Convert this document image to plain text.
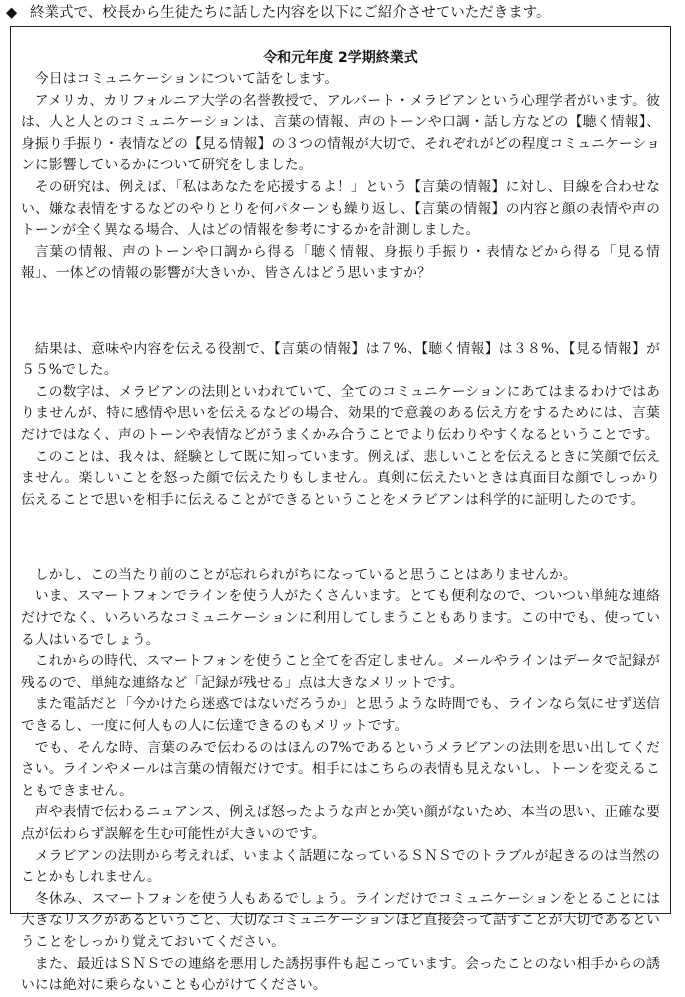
◆ 終業式で、校長から生徒たちに話した内容を以下にご紹介させていただきます。
令和元年度 2学期終業式

今日はコミュニケーションについて話をします。

アメリカ、カリフォルニア大学の名誉教授で、アルバート・メラビアンという心理学者がいます。彼は、人と人とのコミュニケーションは、言葉の情報、声のトーンや口調・話し方などの【聴く情報】、身振り手振り・表情などの【見る情報】の３つの情報が大切で、それぞれがどの程度コミュニケーションに影響しているかについて研究をしました。

その研究は、例えば、「私はあなたを応援するよ！」という【言葉の情報】に対し、目線を合わせない、嫌な表情をするなどのやりとりを何パターンも繰り返し、【言葉の情報】の内容と顔の表情や声のトーンが全く異なる場合、人はどの情報を参考にするかを計測しました。

言葉の情報、声のトーンや口調から得る「聴く情報、身振り手振り・表情などから得る「見る情報」、一体どの情報の影響が大きいか、皆さんはどう思いますか？

結果は、意味や内容を伝える役割で、【言葉の情報】は７%、【聴く情報】は３８%、【見る情報】が５５%でした。

この数字は、メラビアンの法則といわれていて、全てのコミュニケーションにあてはまるわけではありませんが、特に感情や思いを伝えるなどの場合、効果的で意義のある伝え方をするためには、言葉だけではなく、声のトーンや表情などがうまくかみ合うことでより伝わりやすくなるということです。

このことは、我々は、経験として既に知っています。例えば、悲しいことを伝えるときに笑顔で伝えません。楽しいことを怒った顔で伝えたりもしません。真剣に伝えたいときは真面目な顔でしっかり伝えることで思いを相手に伝えることができるということをメラビアンは科学的に証明したのです。

しかし、この当たり前のことが忘れられがちになっていると思うことはありませんか。

いま、スマートフォンでラインを使う人がたくさんいます。とても便利なので、ついつい単純な連絡だけでなく、いろいろなコミュニケーションに利用してしまうこともあります。この中でも、使っている人はいるでしょう。

これからの時代、スマートフォンを使うこと全てを否定しません。メールやラインはデータで記録が残るので、単純な連絡など「記録が残せる」点は大きなメリットです。

また電話だと「今かけたら迷惑ではないだろうか」と思うような時間でも、ラインなら気にせず送信できるし、一度に何人もの人に伝達できるのもメリットです。

でも、そんな時、言葉のみで伝わるのはほんの7%であるというメラビアンの法則を思い出してください。ラインやメールは言葉の情報だけです。相手にはこちらの表情も見えないし、トーンを変えることもできません。

声や表情で伝わるニュアンス、例えば怒ったような声とか笑い顔がないため、本当の思い、正確な要点が伝わらず誤解を生む可能性が大きいのです。

メラビアンの法則から考えれば、いまよく話題になっているＳＮＳでのトラブルが起きるのは当然のことかもしれません。

冬休み、スマートフォンを使う人もあるでしょう。ラインだけでコミュニケーションをとることには大きなリスクがあるということ、大切なコミュニケーションほど直接会って話すことが大切であるということをしっかり覚えておいてください。

また、最近はＳＮＳでの連絡を悪用した誘拐事件も起こっています。会ったことのない相手からの誘いには絶対に乗らないことも心がけてください。
